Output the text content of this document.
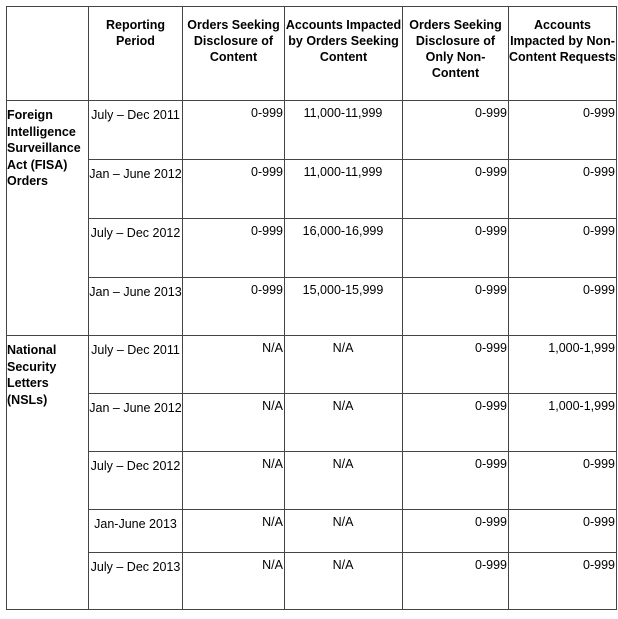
	Reporting Period	Orders Seeking Disclosure of Content	Accounts Impacted by Orders Seeking Content	Orders Seeking Disclosure of Only Non-Content	Accounts Impacted by Non-Content Requests
Foreign Intelligence Surveillance Act (FISA) Orders	July – Dec 2011	0-999	11,000-11,999	0-999	0-999
	Jan – June 2012	0-999	11,000-11,999	0-999	0-999
	July – Dec 2012	0-999	16,000-16,999	0-999	0-999
	Jan – June 2013	0-999	15,000-15,999	0-999	0-999
National Security Letters (NSLs)	July – Dec 2011	N/A	N/A	0-999	1,000-1,999
	Jan – June 2012	N/A	N/A	0-999	1,000-1,999
	July – Dec 2012	N/A	N/A	0-999	0-999
	Jan-June 2013	N/A	N/A	0-999	0-999
	July – Dec 2013	N/A	N/A	0-999	0-999
